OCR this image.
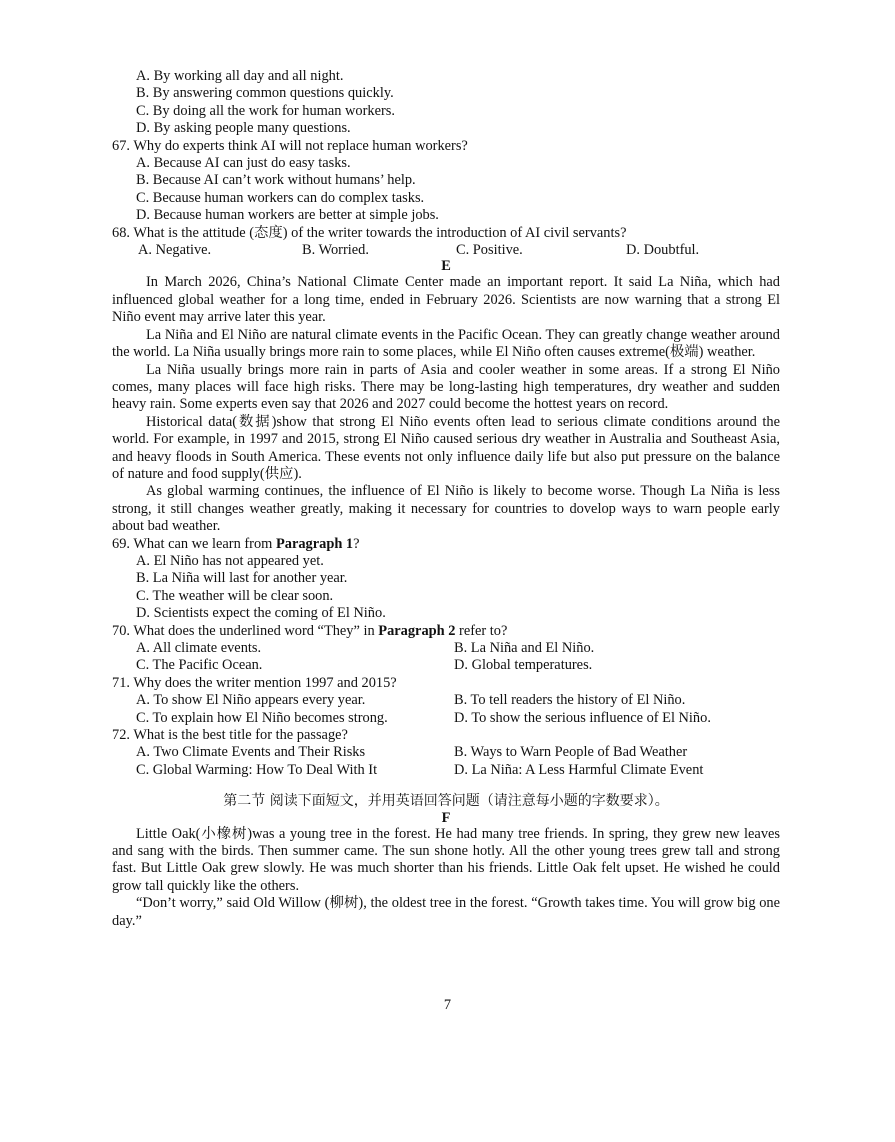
A. By working all day and all night.
B. By answering common questions quickly.
C. By doing all the work for human workers.
D. By asking people many questions.
67. Why do experts think AI will not replace human workers?
A. Because AI can just do easy tasks.
B. Because AI can’t work without humans’ help.
C. Because human workers can do complex tasks.
D. Because human workers are better at simple jobs.
68. What is the attitude (态度) of the writer towards the introduction of AI civil servants?
A. Negative.	B. Worried.	C. Positive.	D. Doubtful.
E
In March 2026, China’s National Climate Center made an important report. It said La Niña, which had influenced global weather for a long time, ended in February 2026. Scientists are now warning that a strong El Niño event may arrive later this year.
La Niña and El Niño are natural climate events in the Pacific Ocean. They can greatly change weather around the world. La Niña usually brings more rain to some places, while El Niño often causes extreme(极端) weather.
La Niña usually brings more rain in parts of Asia and cooler weather in some areas. If a strong El Niño comes, many places will face high risks. There may be long-lasting high temperatures, dry weather and sudden heavy rain. Some experts even say that 2026 and 2027 could become the hottest years on record.
Historical data(数据)show that strong El Niño events often lead to serious climate conditions around the world. For example, in 1997 and 2015, strong El Niño caused serious dry weather in Australia and Southeast Asia, and heavy floods in South America. These events not only influence daily life but also put pressure on the balance of nature and food supply(供应).
As global warming continues, the influence of El Niño is likely to become worse. Though La Niña is less strong, it still changes weather greatly, making it necessary for countries to dovelop ways to warn people early about bad weather.
69. What can we learn from Paragraph 1?
A. El Niño has not appeared yet.
B. La Niña will last for another year.
C. The weather will be clear soon.
D. Scientists expect the coming of El Niño.
70. What does the underlined word “They” in Paragraph 2 refer to?
A. All climate events.	B. La Niña and El Niño.
C. The Pacific Ocean.	D. Global temperatures.
71. Why does the writer mention 1997 and 2015?
A. To show El Niño appears every year.	B. To tell readers the history of El Niño.
C. To explain how El Niño becomes strong.	D. To show the serious influence of El Niño.
72. What is the best title for the passage?
A. Two Climate Events and Their Risks	B. Ways to Warn People of Bad Weather
C. Global Warming: How To Deal With It	D. La Niña: A Less Harmful Climate Event
第二节 阅读下面短文，并用英语回答问题（请注意每小题的字数要求）。
F
Little Oak(小橡树)was a young tree in the forest. He had many tree friends. In spring, they grew new leaves and sang with the birds. Then summer came. The sun shone hotly. All the other young trees grew tall and strong fast. But Little Oak grew slowly. He was much shorter than his friends. Little Oak felt upset. He wished he could grow tall quickly like the others.
“Don’t worry,” said Old Willow (柳树), the oldest tree in the forest. “Growth takes time. You will grow big one day.”
7
